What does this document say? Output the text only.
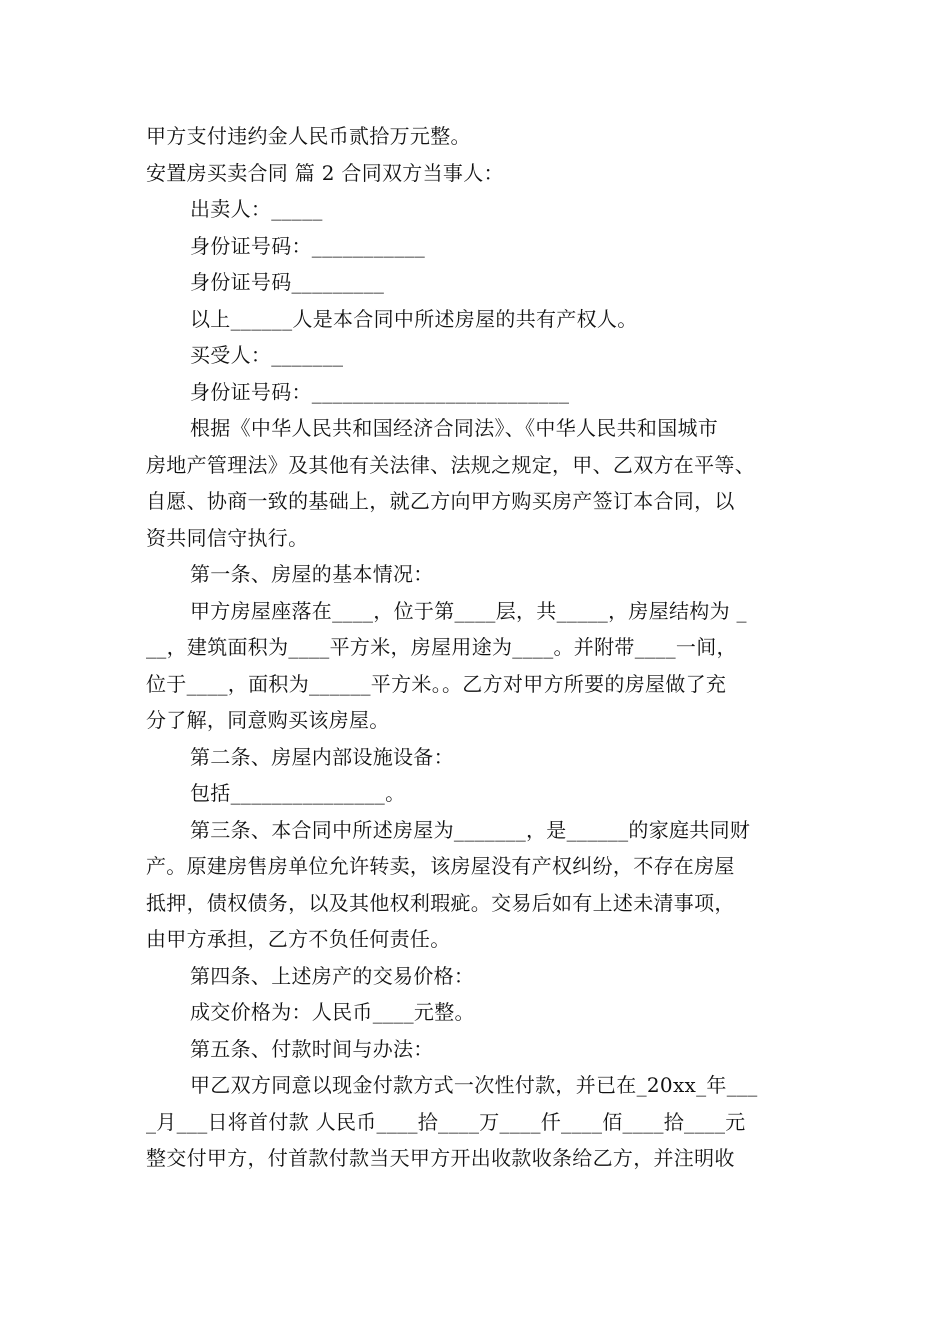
甲方支付违约金人民币贰拾万元整。
安置房买卖合同 篇 2 合同双方当事人：
出卖人：_____
身份证号码：___________
身份证号码_________
以上______人是本合同中所述房屋的共有产权人。
买受人：_______
身份证号码：_________________________
根据《中华人民共和国经济合同法》、《中华人民共和国城市
房地产管理法》及其他有关法律、法规之规定，甲、乙双方在平等、
自愿、协商一致的基础上，就乙方向甲方购买房产签订本合同，以
资共同信守执行。
第一条、房屋的基本情况：
甲方房屋座落在____，位于第____层，共_____，房屋结构为 _
__，建筑面积为____平方米，房屋用途为____。并附带____一间，
位于____，面积为______平方米。。乙方对甲方所要的房屋做了充
分了解，同意购买该房屋。
第二条、房屋内部设施设备：
包括_______________。
第三条、本合同中所述房屋为_______，是______的家庭共同财
产。原建房售房单位允许转卖，该房屋没有产权纠纷，不存在房屋
抵押，债权债务，以及其他权利瑕疵。交易后如有上述未清事项，
由甲方承担，乙方不负任何责任。
第四条、上述房产的交易价格：
成交价格为：人民币____元整。
第五条、付款时间与办法：
甲乙双方同意以现金付款方式一次性付款，并已在_20xx_年___
_月___日将首付款 人民币____拾____万____仟____佰____拾____元
整交付甲方，付首款付款当天甲方开出收款收条给乙方，并注明收
